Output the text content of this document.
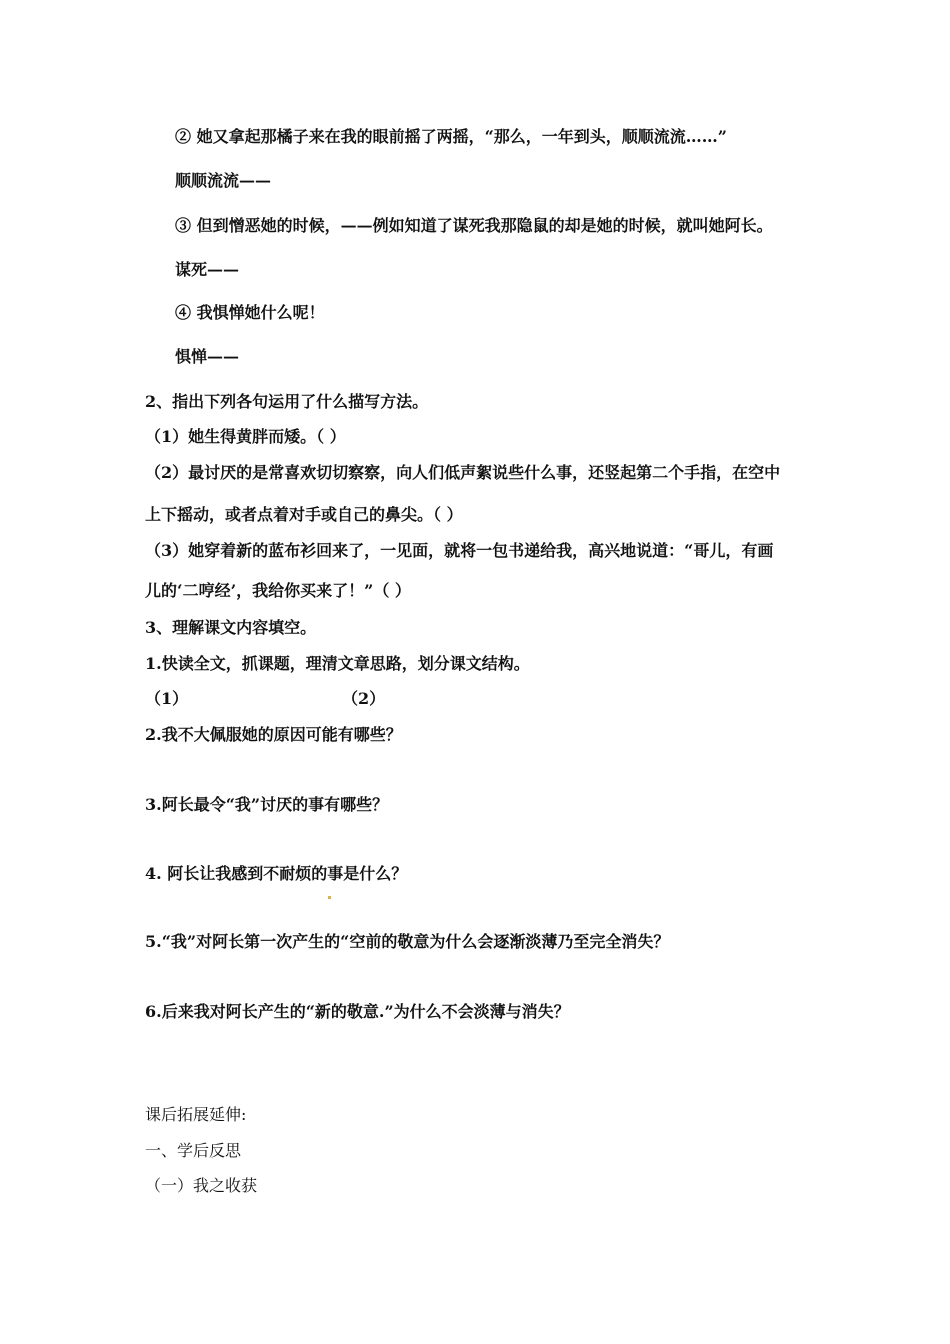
② 她又拿起那橘子来在我的眼前摇了两摇，“那么，一年到头，顺顺流流……”
顺顺流流——
③ 但到憎恶她的时候，——例如知道了谋死我那隐鼠的却是她的时候，就叫她阿长。
谋死——
④ 我惧惮她什么呢！
惧惮——
2、指出下列各句运用了什么描写方法。
（1）她生得黄胖而矮。（ ）
（2）最讨厌的是常喜欢切切察察，向人们低声絮说些什么事，还竖起第二个手指，在空中
上下摇动，或者点着对手或自己的鼻尖。（ ）
（3）她穿着新的蓝布衫回来了，一见面，就将一包书递给我，高兴地说道：“哥儿，有画
儿的‘二哼经’，我给你买来了！”（ ）
3、理解课文内容填空。
1.快读全文，抓课题，理清文章思路，划分课文结构。
（1）	（2）
2.我不大佩服她的原因可能有哪些？
3.阿长最令“我”讨厌的事有哪些？
4. 阿长让我感到不耐烦的事是什么？
5.“我”对阿长第一次产生的“空前的敬意为什么会逐渐淡薄乃至完全消失？
6.后来我对阿长产生的“新的敬意.”为什么不会淡薄与消失？
课后拓展延伸:
一、学后反思
（一）我之收获
